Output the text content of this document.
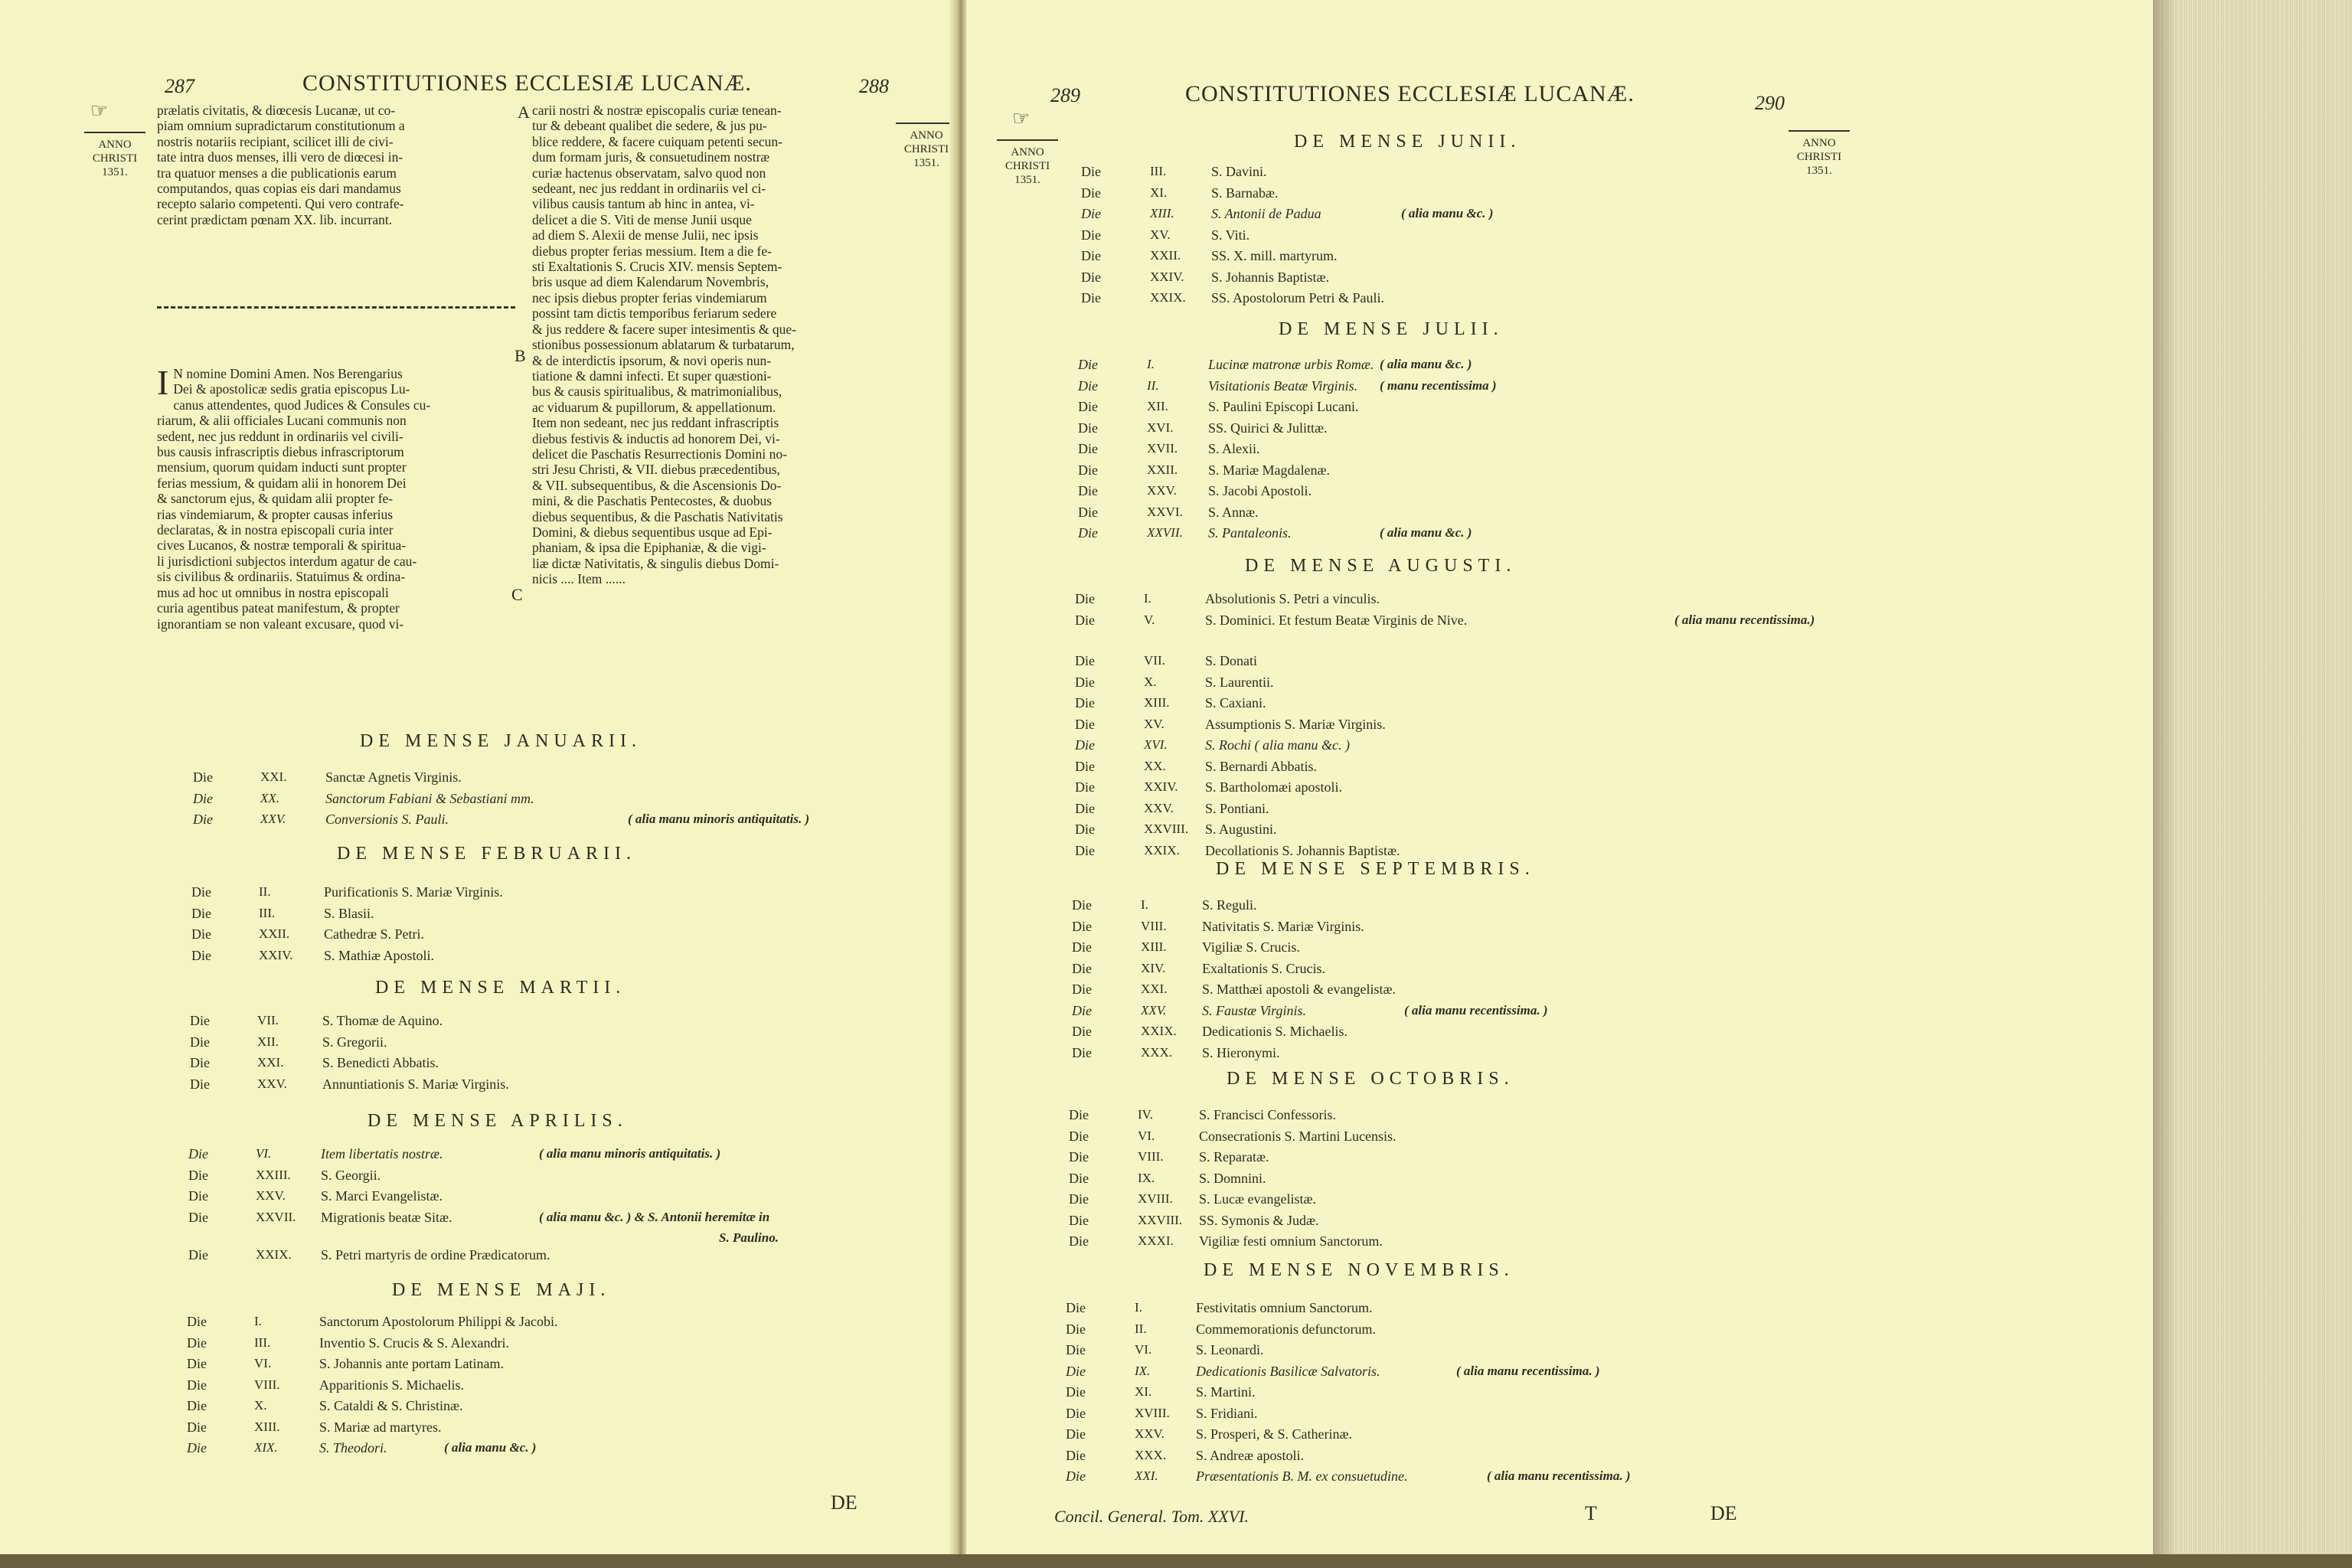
287	CONSTITUTIONES ECCLESIÆ LUCANÆ.	288
☞
ANNO
CHRISTI
1351.
ANNO
CHRISTI
1351.

prælatis civitatis, & diœcesis Lucanæ, ut co-

piam omnium supradictarum constitutionum a

nostris notariis recipiant, scilicet illi de civi-

tate intra duos menses, illi vero de diœcesi in-

tra quatuor menses a die publicationis earum

computandos, quas copias eis dari mandamus

recepto salario competenti. Qui vero contrafe-

cerint prædictam pœnam XX. lib. incurrant.

I N nomine Domini Amen. Nos Berengarius

Dei & apostolicæ sedis gratia episcopus Lu-

canus attendentes, quod Judices & Consules cu-

riarum, & alii officiales Lucani communis non

sedent, nec jus reddunt in ordinariis vel civili-

bus causis infrascriptis diebus infrascriptorum

mensium, quorum quidam inducti sunt propter

ferias messium, & quidam alii in honorem Dei

& sanctorum ejus, & quidam alii propter fe-

rias vindemiarum, & propter causas inferius

declaratas, & in nostra episcopali curia inter

cives Lucanos, & nostræ temporali & spiritua-

li jurisdictioni subjectos interdum agatur de cau-

sis civilibus & ordinariis. Statuimus & ordina-

mus ad hoc ut omnibus in nostra episcopali

curia agentibus pateat manifestum, & propter

ignorantiam se non valeant excusare, quod vi-

A
B
C

carii nostri & nostræ episcopalis curiæ tenean-

tur & debeant qualibet die sedere, & jus pu-

blice reddere, & facere cuiquam petenti secun-

dum formam juris, & consuetudinem nostræ

curiæ hactenus observatam, salvo quod non

sedeant, nec jus reddant in ordinariis vel ci-

vilibus causis tantum ab hinc in antea, vi-

delicet a die S. Viti de mense Junii usque

ad diem S. Alexii de mense Julii, nec ipsis

diebus propter ferias messium. Item a die fe-

sti Exaltationis S. Crucis XIV. mensis Septem-

bris usque ad diem Kalendarum Novembris,

nec ipsis diebus propter ferias vindemiarum

possint tam dictis temporibus feriarum sedere

& jus reddere & facere super intesimentis & que-

stionibus possessionum ablatarum & turbatarum,

& de interdictis ipsorum, & novi operis nun-

tiatione & damni infecti. Et super quæstioni-

bus & causis spiritualibus, & matrimonialibus,

ac viduarum & pupillorum, & appellationum.

Item non sedeant, nec jus reddant infrascriptis

diebus festivis & inductis ad honorem Dei, vi-

delicet die Paschatis Resurrectionis Domini no-

stri Jesu Christi, & VII. diebus præcedentibus,

& VII. subsequentibus, & die Ascensionis Do-

mini, & die Paschatis Pentecostes, & duobus

diebus sequentibus, & die Paschatis Nativitatis

Domini, & diebus sequentibus usque ad Epi-

phaniam, & ipsa die Epiphaniæ, & die vigi-

liæ dictæ Nativitatis, & singulis diebus Domi-

nicis .... Item ......

DE MENSE JANUARII.
Die	XXI.	Sanctæ Agnetis Virginis.
Die	XX.	Sanctorum Fabiani & Sebastiani mm.
Die	XXV.	Conversionis S. Pauli.	( alia manu minoris antiquitatis. )
DE MENSE FEBRUARII.
Die	II.	Purificationis S. Mariæ Virginis.
Die	III.	S. Blasii.
Die	XXII. Cathedræ S. Petri.
Die	XXIV. S. Mathiæ Apostoli.
DE MENSE MARTII.
Die	VII.	S. Thomæ de Aquino.
Die	XII.	S. Gregorii.
Die	XXI.	S. Benedicti Abbatis.
Die	XXV.	Annuntiationis S. Mariæ Virginis.
DE MENSE APRILIS.
Die	VI.	Item libertatis nostræ.	( alia manu minoris antiquitatis. )
Die	XXIII. S. Georgii.
Die	XXV.	S. Marci Evangelistæ.
Die	XXVII. Migrationis beatæ Sitæ.	( alia manu &c. ) & S. Antonii heremitæ in
S. Paulino.
Die	XXIX. S. Petri martyris de ordine Prædicatorum.
DE MENSE MAJI.
Die	I.	Sanctorum Apostolorum Philippi & Jacobi.
Die	III.	Inventio S. Crucis & S. Alexandri.
Die	VI.	S. Johannis ante portam Latinam.
Die	VIII.	Apparitionis S. Michaelis.
Die	X.	S. Cataldi & S. Christinæ.
Die	XIII.	S. Mariæ ad martyres.
Die	XIX.	S. Theodori.	( alia manu &c. )
DE
289	CONSTITUTIONES ECCLESIÆ LUCANÆ.	290
☞
ANNO
CHRISTI
1351.
ANNO
CHRISTI
1351.
DE MENSE JUNII.
Die	III.	S. Davini.
Die	XI.	S. Barnabæ.
Die	XIII.	S. Antonii de Padua	( alia manu &c. )
Die	XV.	S. Viti.
Die	XXII. SS. X. mill. martyrum.
Die	XXIV. S. Johannis Baptistæ.
Die	XXIX. SS. Apostolorum Petri & Pauli.
DE MENSE JULII.
Die	I.	Lucinæ matronæ urbis Romæ. ( alia manu &c. )
Die	II.	Visitationis Beatæ Virginis. ( manu recentissima )
Die	XII.	S. Paulini Episcopi Lucani.
Die	XVI.	SS. Quirici & Julittæ.
Die	XVII. S. Alexii.
Die	XXII. S. Mariæ Magdalenæ.
Die	XXV. S. Jacobi Apostoli.
Die	XXVI. S. Annæ.
Die	XXVII. S. Pantaleonis.	( alia manu &c. )
DE MENSE AUGUSTI.
Die	I.	Absolutionis S. Petri a vinculis.
Die	V.	S. Dominici. Et festum Beatæ Virginis de Nive.	( alia manu recentissima.)
Die	VII.	S. Donati
Die	X.	S. Laurentii.
Die	XIII.	S. Caxiani.
Die	XV.	Assumptionis S. Mariæ Virginis.
Die	XVI.	S. Rochi ( alia manu &c. )
Die	XX.	S. Bernardi Abbatis.
Die	XXIV. S. Bartholomæi apostoli.
Die	XXV. S. Pontiani.
Die	XXVIII. S. Augustini.
Die	XXIX. Decollationis S. Johannis Baptistæ.
DE MENSE SEPTEMBRIS.
Die	I.	S. Reguli.
Die	VIII.	Nativitatis S. Mariæ Virginis.
Die	XIII.	Vigiliæ S. Crucis.
Die	XIV.	Exaltationis S. Crucis.
Die	XXI.	S. Matthæi apostoli & evangelistæ.
Die	XXV.	S. Faustæ Virginis.	( alia manu recentissima. )
Die	XXIX. Dedicationis S. Michaelis.
Die	XXX. S. Hieronymi.
DE MENSE OCTOBRIS.
Die	IV.	S. Francisci Confessoris.
Die	VI.	Consecrationis S. Martini Lucensis.
Die	VIII.	S. Reparatæ.
Die	IX.	S. Domnini.
Die	XVIII. S. Lucæ evangelistæ.
Die	XXVIII. SS. Symonis & Judæ.
Die	XXXI. Vigiliæ festi omnium Sanctorum.
DE MENSE NOVEMBRIS.
Die	I.	Festivitatis omnium Sanctorum.
Die	II.	Commemorationis defunctorum.
Die	VI.	S. Leonardi.
Die	IX.	Dedicationis Basilicæ Salvatoris.	( alia manu recentissima. )
Die	XI.	S. Martini.
Die	XVIII. S. Fridiani.
Die	XXV. S. Prosperi, & S. Catherinæ.
Die	XXX. S. Andreæ apostoli.
Die	XXI.	Præsentationis B. M. ex consuetudine.	( alia manu recentissima. )
Concil. General. Tom. XXVI.	T	DE
